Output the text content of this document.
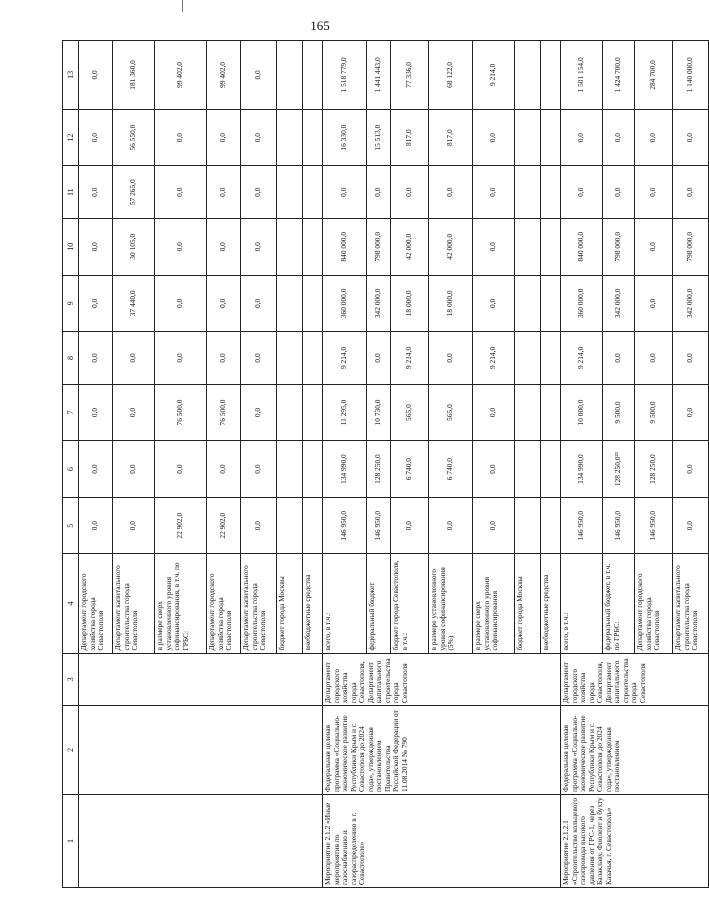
165
1	2	3	4	5	6	7	8	9	10	11	12	13
			Департамент городского хозяйства города Севастополя	0,0	0,0	0,0	0,0	0,0	0,0	0,0	0,0	0,0
			Департамент капитального строительства города Севастополя	0,0	0,0	0,0	0,0	37 440,0	30 105,0	57 265,0	56 550,0	181 360,0
			в размере сверх установленного уровня софинансирования, в т.ч. по ГРБС:	22 902,0	0,0	76 500,0	0,0	0,0	0,0	0,0	0,0	99 402,0
			Департамент городского хозяйства города Севастополя	22 902,0	0,0	76 500,0	0,0	0,0	0,0	0,0	0,0	99 402,0
			Департамент капитального строительства города Севастополя	0,0	0,0	0,0	0,0	0,0	0,0	0,0	0,0	0,0
			бюджет города Москвы									
			внебюджетные средства									
Мероприятие 2.1.2 «Иные мероприятия по газоснабжению и газораспределению в г. Севастополе»	Федеральная целевая программа «Социально-экономическое развитие Республики Крым и г. Севастополя до 2024 года», утвержденная постановлением Правительства Российской Федерации от 11.08.2014 № 790	Департамент городского хозяйства города Севастополя, Департамент капитального строительства города Севастополя	всего, в т.ч.:	146 950,0	134 990,0	11 295,0	9 214,0	360 000,0	840 000,0	0,0	16 330,0	1 518 779,0
			федеральный бюджет	146 950,0	128 250,0	10 730,0	0,0	342 000,0	798 000,0	0,0	15 513,0	1 441 443,0
			бюджет города Севастополя, в т.ч.:	0,0	6 740,0	565,0	9 214,0	18 000,0	42 000,0	0,0	817,0	77 336,0
			в размере установленного уровня софинансирования (5%)	0,0	6 740,0	565,0	0,0	18 000,0	42 000,0	0,0	817,0	68 122,0
			в размере сверх установленного уровня софинансирования	0,0	0,0	0,0	9 214,0	0,0	0,0	0,0	0,0	9 214,0
			бюджет города Москвы									
			внебюджетные средства									
Мероприятие 2.1.2.1 «Строительство кольцевого газопровода высокого давления от ГРС-1, через Балаклаву, Фиолент и бухту Казачья, г. Севастополь»	Федеральная целевая программа «Социально-экономическое развитие Республики Крым и г. Севастополя до 2024 года», утвержденная постановлением	Департамент городского хозяйства города Севастополя, Департамент капитального строительства города Севастополя	всего, в т.ч.:	146 950,0	134 990,0	10 000,0	9 214,0	360 000,0	840 000,0	0,0	0,0	1 501 154,0
			федеральный бюджет, в т.ч. по ГРБС:	146 950,0	128 250,0²²	9 500,0	0,0	342 000,0	798 000,0	0,0	0,0	1 424 700,0
			Департамент городского хозяйства города Севастополя	146 950,0	128 250,0	9 500,0	0,0	0,0	0,0	0,0	0,0	284 700,0
			Департамент капитального строительства города Севастополя	0,0	0,0	0,0	0,0	342 000,0	798 000,0	0,0	0,0	1 140 000,0
